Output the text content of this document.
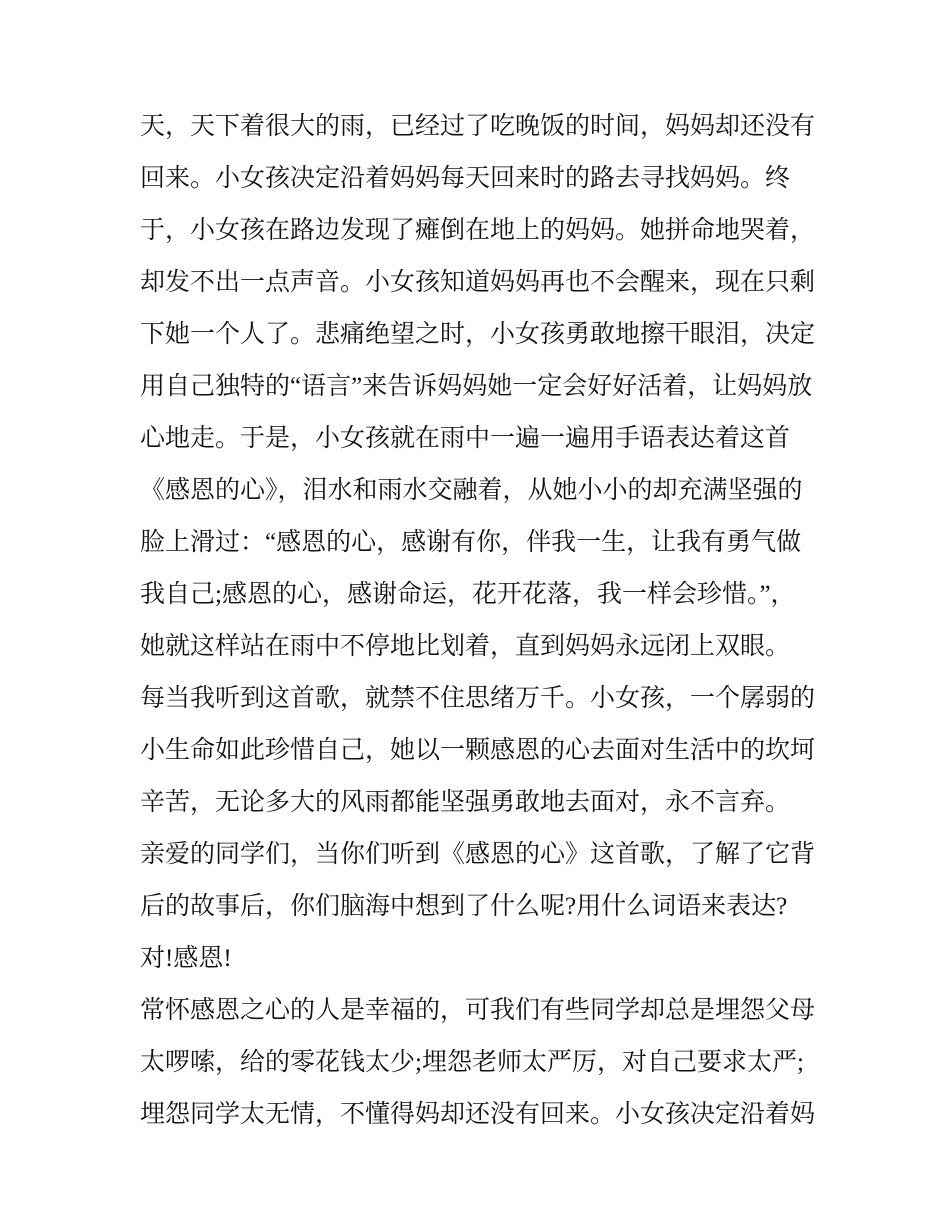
天，天下着很大的雨，已经过了吃晚饭的时间，妈妈却还没有
回来。小女孩决定沿着妈妈每天回来时的路去寻找妈妈。终
于，小女孩在路边发现了瘫倒在地上的妈妈。她拼命地哭着，
却发不出一点声音。小女孩知道妈妈再也不会醒来，现在只剩
下她一个人了。悲痛绝望之时，小女孩勇敢地擦干眼泪，决定
用自己独特的“语言”来告诉妈妈她一定会好好活着，让妈妈放
心地走。于是，小女孩就在雨中一遍一遍用手语表达着这首
《感恩的心》，泪水和雨水交融着，从她小小的却充满坚强的
脸上滑过：“感恩的心，感谢有你，伴我一生，让我有勇气做
我自己;感恩的心，感谢命运，花开花落，我一样会珍惜。”，
她就这样站在雨中不停地比划着，直到妈妈永远闭上双眼。
每当我听到这首歌，就禁不住思绪万千。小女孩，一个孱弱的
小生命如此珍惜自己，她以一颗感恩的心去面对生活中的坎坷
辛苦，无论多大的风雨都能坚强勇敢地去面对，永不言弃。
亲爱的同学们，当你们听到《感恩的心》这首歌，了解了它背
后的故事后，你们脑海中想到了什么呢?用什么词语来表达?
对!感恩!
常怀感恩之心的人是幸福的，可我们有些同学却总是埋怨父母
太啰嗦，给的零花钱太少;埋怨老师太严厉，对自己要求太严;
埋怨同学太无情，不懂得妈却还没有回来。小女孩决定沿着妈
